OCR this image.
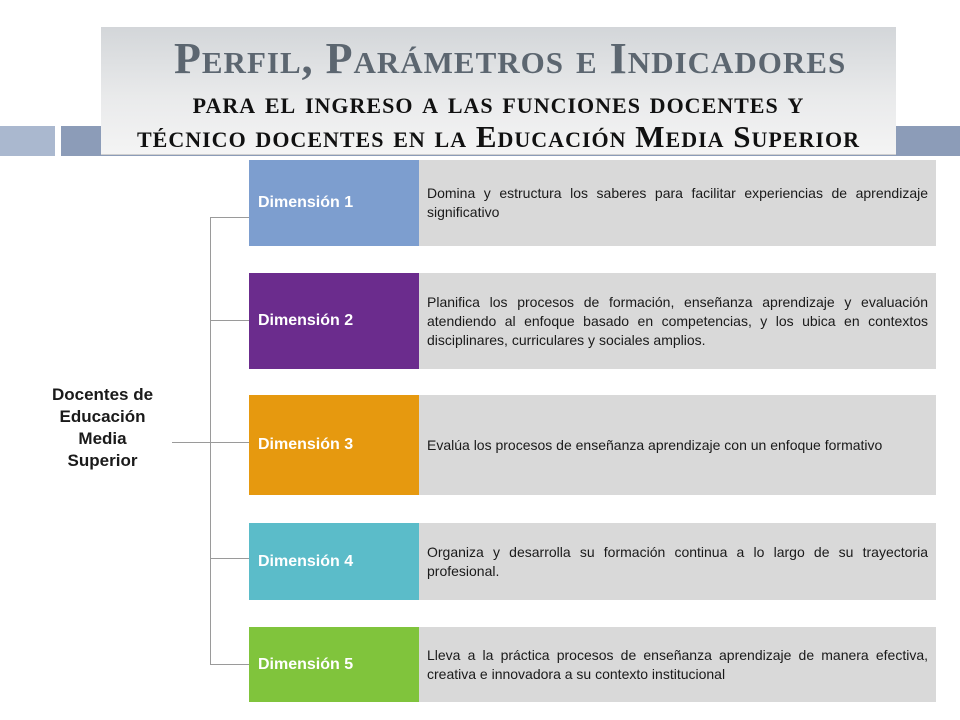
Perfil, Parámetros e Indicadores
para el ingreso a las funciones docentes y
técnico docentes en la Educación Media Superior
Docentes de
Educación
Media
Superior
Dimensión 1
Domina y estructura los saberes para facilitar experiencias de aprendizaje significativo
Dimensión 2
Planifica los procesos de formación, enseñanza aprendizaje y evaluación atendiendo al enfoque basado en competencias, y los ubica en contextos disciplinares, curriculares y sociales amplios.
Dimensión 3	Evalúa los procesos de enseñanza aprendizaje con un enfoque formativo
Dimensión 4
Organiza y desarrolla su formación continua a lo largo de su trayectoria profesional.
Dimensión 5
Lleva a la práctica procesos de enseñanza aprendizaje de manera efectiva, creativa e innovadora a su contexto institucional
